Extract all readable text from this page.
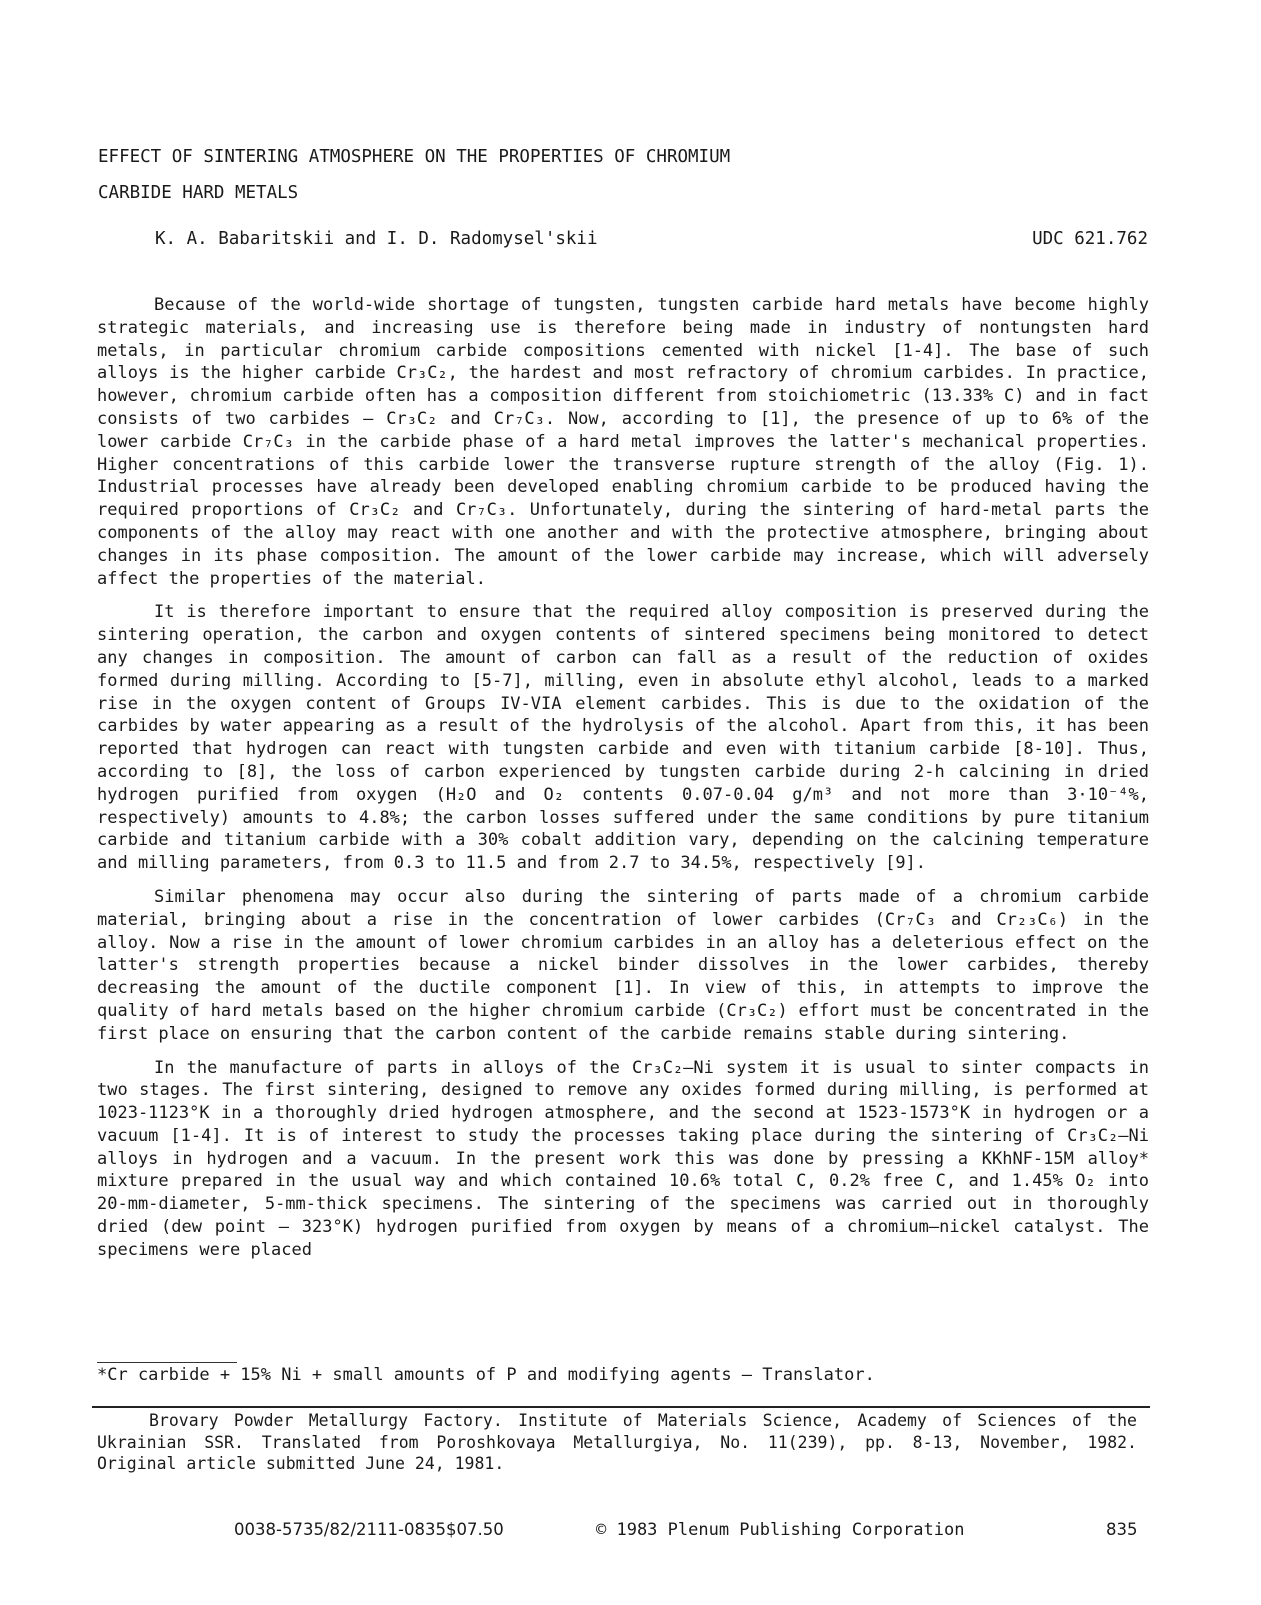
EFFECT OF SINTERING ATMOSPHERE ON THE PROPERTIES OF CHROMIUM
CARBIDE HARD METALS
K. A. Babaritskii and I. D. Radomysel'skii	UDC 621.762

Because of the world-wide shortage of tungsten, tungsten carbide hard metals have become highly strategic materials, and increasing use is therefore being made in industry of nontungsten hard metals, in particular chromium carbide compositions cemented with nickel [1-4]. The base of such alloys is the higher carbide Cr₃C₂, the hardest and most refractory of chromium carbides. In practice, however, chromium carbide often has a composition different from stoichiometric (13.33% C) and in fact consists of two carbides — Cr₃C₂ and Cr₇C₃. Now, according to [1], the presence of up to 6% of the lower carbide Cr₇C₃ in the carbide phase of a hard metal improves the latter's mechanical properties. Higher concentrations of this carbide lower the transverse rupture strength of the alloy (Fig. 1). Industrial processes have already been developed enabling chromium carbide to be produced having the required proportions of Cr₃C₂ and Cr₇C₃. Unfortunately, during the sintering of hard-metal parts the components of the alloy may react with one another and with the protective atmosphere, bringing about changes in its phase composition. The amount of the lower carbide may increase, which will adversely affect the properties of the material.

It is therefore important to ensure that the required alloy composition is preserved during the sintering operation, the carbon and oxygen contents of sintered specimens being monitored to detect any changes in composition. The amount of carbon can fall as a result of the reduction of oxides formed during milling. According to [5-7], milling, even in absolute ethyl alcohol, leads to a marked rise in the oxygen content of Groups IV-VIA element carbides. This is due to the oxidation of the carbides by water appearing as a result of the hydrolysis of the alcohol. Apart from this, it has been reported that hydrogen can react with tungsten carbide and even with titanium carbide [8-10]. Thus, according to [8], the loss of carbon experienced by tungsten carbide during 2-h calcining in dried hydrogen purified from oxygen (H₂O and O₂ contents 0.07-0.04 g/m³ and not more than 3·10⁻⁴%, respectively) amounts to 4.8%; the carbon losses suffered under the same conditions by pure titanium carbide and titanium carbide with a 30% cobalt addition vary, depending on the calcining temperature and milling parameters, from 0.3 to 11.5 and from 2.7 to 34.5%, respectively [9].

Similar phenomena may occur also during the sintering of parts made of a chromium carbide material, bringing about a rise in the concentration of lower carbides (Cr₇C₃ and Cr₂₃C₆) in the alloy. Now a rise in the amount of lower chromium carbides in an alloy has a deleterious effect on the latter's strength properties because a nickel binder dissolves in the lower carbides, thereby decreasing the amount of the ductile component [1]. In view of this, in attempts to improve the quality of hard metals based on the higher chromium carbide (Cr₃C₂) effort must be concentrated in the first place on ensuring that the carbon content of the carbide remains stable during sintering.

In the manufacture of parts in alloys of the Cr₃C₂—Ni system it is usual to sinter compacts in two stages. The first sintering, designed to remove any oxides formed during milling, is performed at 1023-1123°K in a thoroughly dried hydrogen atmosphere, and the second at 1523-1573°K in hydrogen or a vacuum [1-4]. It is of interest to study the processes taking place during the sintering of Cr₃C₂—Ni alloys in hydrogen and a vacuum. In the present work this was done by pressing a KKhNF-15M alloy* mixture prepared in the usual way and which contained 10.6% total C, 0.2% free C, and 1.45% O₂ into 20-mm-diameter, 5-mm-thick specimens. The sintering of the specimens was carried out in thoroughly dried (dew point — 323°K) hydrogen purified from oxygen by means of a chromium—nickel catalyst. The specimens were placed

*Cr carbide + 15% Ni + small amounts of P and modifying agents — Translator.
Brovary Powder Metallurgy Factory. Institute of Materials Science, Academy of Sciences of the Ukrainian SSR. Translated from Poroshkovaya Metallurgiya, No. 11(239), pp. 8-13, November, 1982. Original article submitted June 24, 1981.
0038-5735/82/2111-0835$07.50	© 1983 Plenum Publishing Corporation	835
